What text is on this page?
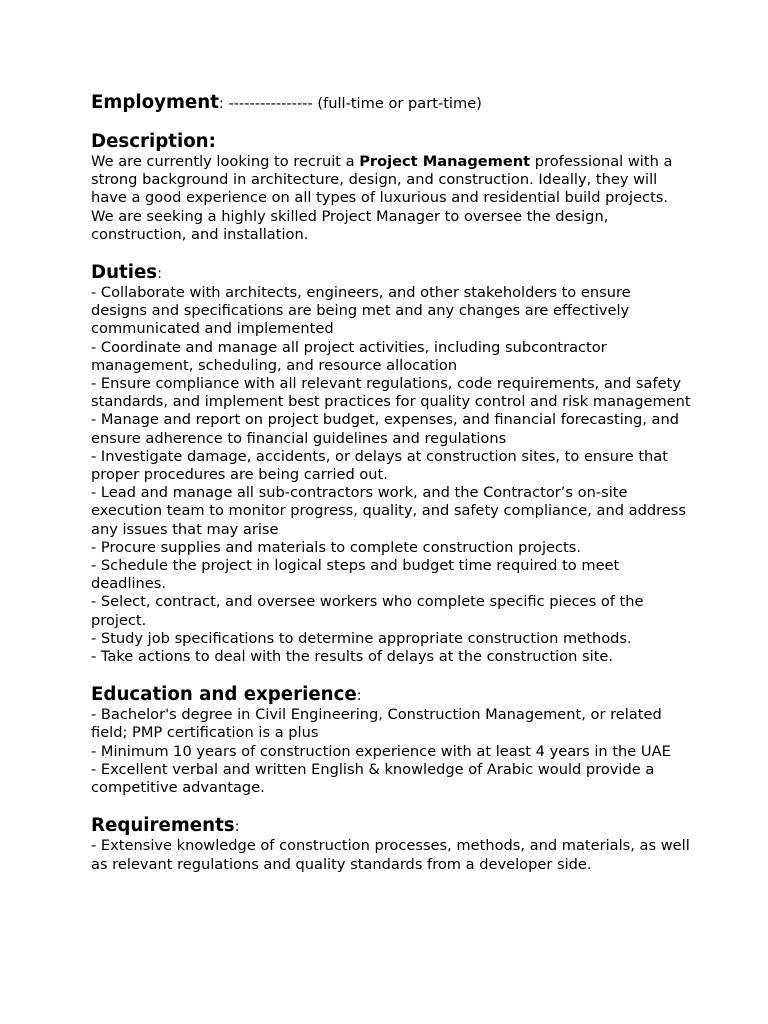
Employment: ---------------- (full-time or part-time)
Description:

We are currently looking to recruit a Project Management professional with a strong background in architecture, design, and construction. Ideally, they will have a good experience on all types of luxurious and residential build projects. We are seeking a highly skilled Project Manager to oversee the design, construction, and installation.

Duties:

- Collaborate with architects, engineers, and other stakeholders to ensure designs and specifications are being met and any changes are effectively communicated and implemented

- Coordinate and manage all project activities, including subcontractor management, scheduling, and resource allocation

- Ensure compliance with all relevant regulations, code requirements, and safety standards, and implement best practices for quality control and risk management

- Manage and report on project budget, expenses, and financial forecasting, and ensure adherence to financial guidelines and regulations

- Investigate damage, accidents, or delays at construction sites, to ensure that proper procedures are being carried out.

- Lead and manage all sub-contractors work, and the Contractor’s on-site execution team to monitor progress, quality, and safety compliance, and address any issues that may arise

- Procure supplies and materials to complete construction projects.

- Schedule the project in logical steps and budget time required to meet deadlines.

- Select, contract, and oversee workers who complete specific pieces of the project.

- Study job specifications to determine appropriate construction methods.

- Take actions to deal with the results of delays at the construction site.

Education and experience:

- Bachelor's degree in Civil Engineering, Construction Management, or related field; PMP certification is a plus

- Minimum 10 years of construction experience with at least 4 years in the UAE

- Excellent verbal and written English & knowledge of Arabic would provide a competitive advantage.

Requirements:

- Extensive knowledge of construction processes, methods, and materials, as well as relevant regulations and quality standards from a developer side.
